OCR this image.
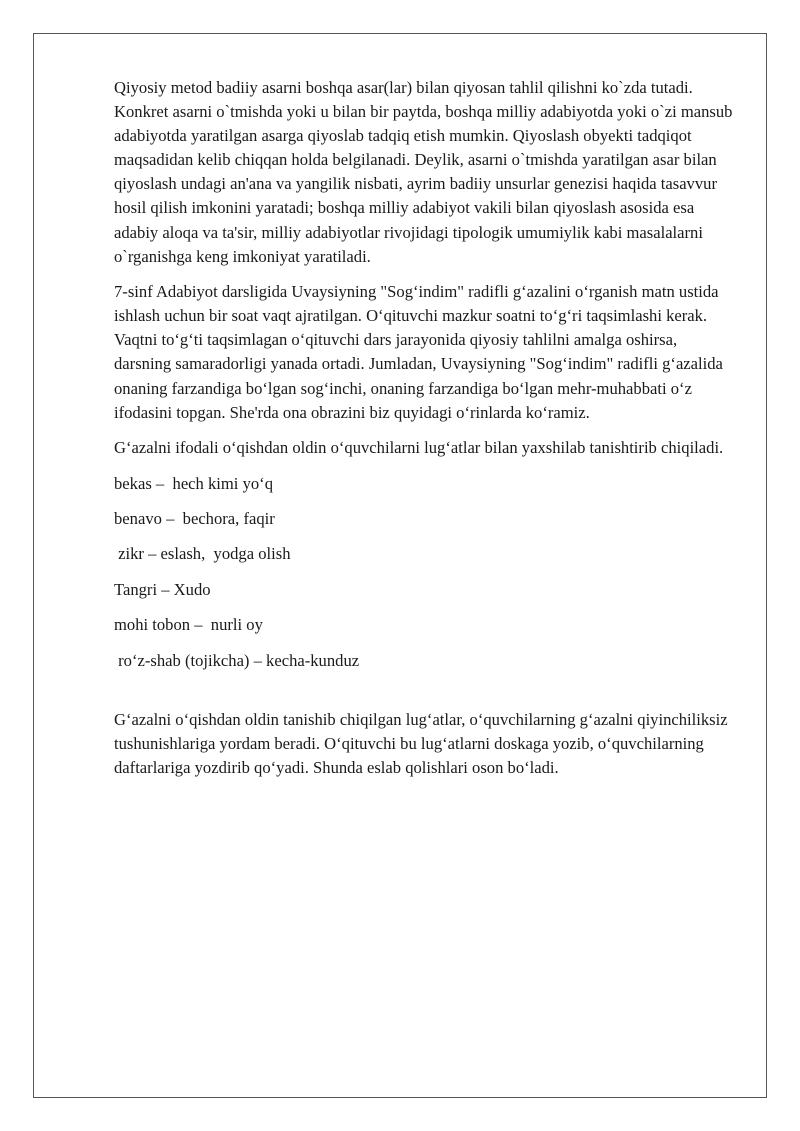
Qiyosiy metod badiiy asarni boshqa asar(lar) bilan qiyosan tahlil qilishni ko`zda tutadi. Konkret asarni o`tmishda yoki u bilan bir paytda, boshqa milliy adabiyotda yoki o`zi mansub adabiyotda yaratilgan asarga qiyoslab tadqiq etish mumkin. Qiyoslash obyekti tadqiqot maqsadidan kelib chiqqan holda belgilanadi. Deylik, asarni o`tmishda yaratilgan asar bilan qiyoslash undagi an'ana va yangilik nisbati, ayrim badiiy unsurlar genezisi haqida tasavvur hosil qilish imkonini yaratadi; boshqa milliy adabiyot vakili bilan qiyoslash asosida esa adabiy aloqa va ta'sir, milliy adabiyotlar rivojidagi tipologik umumiylik kabi masalalarni o`rganishga keng imkoniyat yaratiladi.

7-sinf Adabiyot darsligida Uvaysiyning "Sog‘indim" radifli g‘azalini o‘rganish matn ustida ishlash uchun bir soat vaqt ajratilgan. O‘qituvchi mazkur soatni to‘g‘ri taqsimlashi kerak. Vaqtni to‘g‘ti taqsimlagan o‘qituvchi dars jarayonida qiyosiy tahlilni amalga oshirsa, darsning samaradorligi yanada ortadi. Jumladan, Uvaysiyning "Sog‘indim" radifli g‘azalida onaning farzandiga bo‘lgan sog‘inchi, onaning farzandiga bo‘lgan mehr-muhabbati o‘z ifodasini topgan. She'rda ona obrazini biz quyidagi o‘rinlarda ko‘ramiz.

G‘azalni ifodali o‘qishdan oldin o‘quvchilarni lug‘atlar bilan yaxshilab tanishtirib chiqiladi.

bekas –  hech kimi yo‘q

benavo –  bechora, faqir

zikr – eslash,  yodga olish

Tangri – Xudo

mohi tobon –  nurli oy

ro‘z-shab (tojikcha) – kecha-kunduz

G‘azalni o‘qishdan oldin tanishib chiqilgan lug‘atlar, o‘quvchilarning g‘azalni qiyinchiliksiz tushunishlariga yordam beradi. O‘qituvchi bu lug‘atlarni doskaga yozib, o‘quvchilarning daftarlariga yozdirib qo‘yadi. Shunda eslab qolishlari oson bo‘ladi.
